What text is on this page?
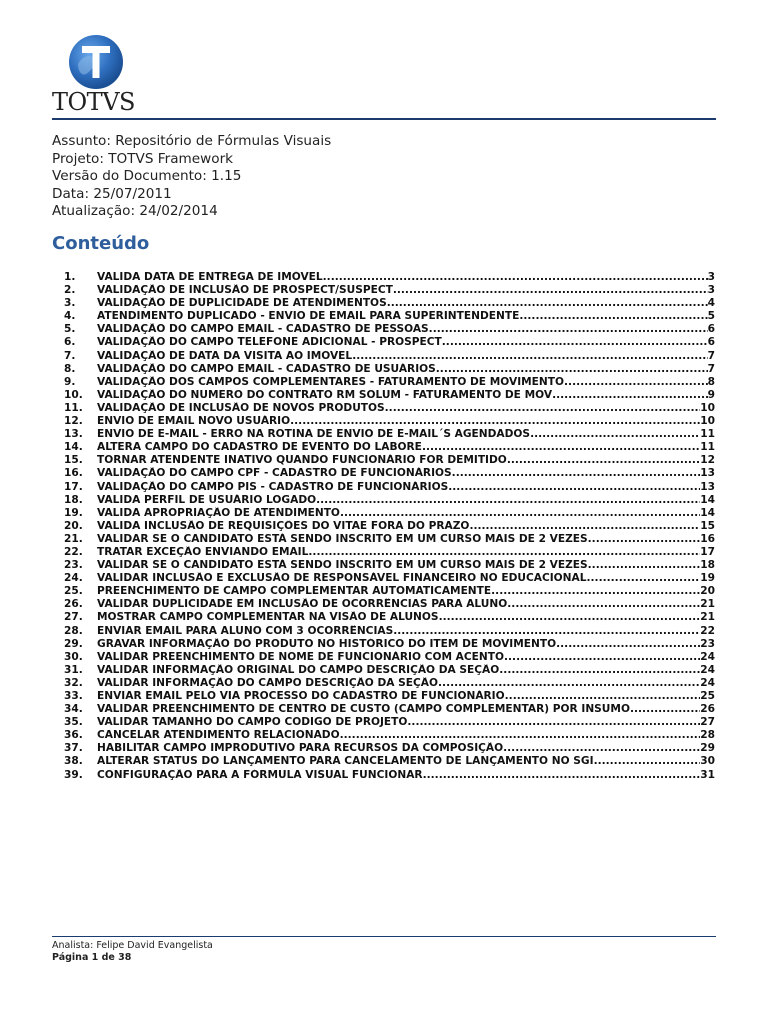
TOTVS
Assunto: Repositório de Fórmulas Visuais
Projeto: TOTVS Framework
Versão do Documento: 1.15
Data: 25/07/2011
Atualização: 24/02/2014
Conteúdo
1.	VALIDA DATA DE ENTREGA DE IMÓVEL .....	3
2.	VALIDAÇÃO DE INCLUSÃO DE PROSPECT/SUSPECT .....	3
3.	VALIDAÇÃO DE DUPLICIDADE DE ATENDIMENTOS .....	4
4.	ATENDIMENTO DUPLICADO - ENVIO DE EMAIL PARA SUPERINTENDENTE .....	5
5.	VALIDAÇÃO DO CAMPO EMAIL - CADASTRO DE PESSOAS .....	6
6.	VALIDAÇÃO DO CAMPO TELEFONE ADICIONAL - PROSPECT .....	6
7.	VALIDAÇÃO DE DATA DA VISITA AO IMOVEL .....	7
8.	VALIDAÇÃO DO CAMPO EMAIL - CADASTRO DE USUÁRIOS .....	7
9.	VALIDAÇÃO DOS CAMPOS COMPLEMENTARES - FATURAMENTO DE MOVIMENTO .....	8
10.	VALIDAÇÃO DO NUMERO DO CONTRATO RM SOLUM - FATURAMENTO DE MOV .....	9
11.	VALIDAÇÃO DE INCLUSÃO DE NOVOS PRODUTOS .....	10
12.	ENVIO DE EMAIL NOVO USUÁRIO .....	10
13.	ENVIO DE E-MAIL - ERRO NA ROTINA DE ENVIO DE E-MAIL´S AGENDADOS .....	11
14.	ALTERA CAMPO DO CADASTRO DE EVENTO DO LABORE .....	11
15.	TORNAR ATENDENTE INATIVO QUANDO FUNCIONÁRIO FOR DEMITIDO .....	12
16.	VALIDAÇÃO DO CAMPO CPF - CADASTRO DE FUNCIONÁRIOS .....	13
17.	VALIDAÇÃO DO CAMPO PIS - CADASTRO DE FUNCIONÁRIOS .....	13
18.	VALIDA PERFIL DE USUÁRIO LOGADO .....	14
19.	VALIDA APROPRIAÇÃO DE ATENDIMENTO .....	14
20.	VALIDA INCLUSÃO DE REQUISIÇÕES DO VITAE FORA DO PRAZO .....	15
21.	VALIDAR SE O CANDIDATO ESTÁ SENDO INSCRITO EM UM CURSO MAIS DE 2 VEZES .....	16
22.	TRATAR EXCEÇÃO ENVIANDO EMAIL .....	17
23.	VALIDAR SE O CANDIDATO ESTÁ SENDO INSCRITO EM UM CURSO MAIS DE 2 VEZES .....	18
24.	VALIDAR INCLUSÃO E EXCLUSÃO DE RESPONSÁVEL FINANCEIRO NO EDUCACIONAL .....	19
25.	PREENCHIMENTO DE CAMPO COMPLEMENTAR AUTOMATICAMENTE .....	20
26.	VALIDAR DUPLICIDADE EM INCLUSÃO DE OCORRÊNCIAS PARA ALUNO .....	21
27.	MOSTRAR CAMPO COMPLEMENTAR NA VISÃO DE ALUNOS .....	21
28.	ENVIAR EMAIL PARA ALUNO COM 3 OCORRÊNCIAS .....	22
29.	GRAVAR INFORMAÇÃO DO PRODUTO NO HISTÓRICO DO ITEM DE MOVIMENTO .....	23
30.	VALIDAR PREENCHIMENTO DE NOME DE FUNCIONÁRIO COM ACENTO .....	24
31.	VALIDAR INFORMAÇÃO ORIGINAL DO CAMPO DESCRIÇÃO DA SEÇÃO .....	24
32.	VALIDAR INFORMAÇÃO DO CAMPO DESCRIÇÃO DA SEÇÃO .....	24
33.	ENVIAR EMAIL PELO VIA PROCESSO DO CADASTRO DE FUNCIONÁRIO .....	25
34.	VALIDAR PREENCHIMENTO DE CENTRO DE CUSTO (CAMPO COMPLEMENTAR) POR INSUMO .....	26
35.	VALIDAR TAMANHO DO CAMPO CODIGO DE PROJETO .....	27
36.	CANCELAR ATENDIMENTO RELACIONADO .....	28
37.	HABILITAR CAMPO IMPRODUTIVO PARA RECURSOS DA COMPOSIÇÃO .....	29
38.	ALTERAR STATUS DO LANÇAMENTO PARA CANCELAMENTO DE LANÇAMENTO NO SGI .....	30
39.	CONFIGURAÇÃO PARA A FÓRMULA VISUAL FUNCIONAR .....	31
Analista: Felipe David Evangelista
Página 1 de 38
